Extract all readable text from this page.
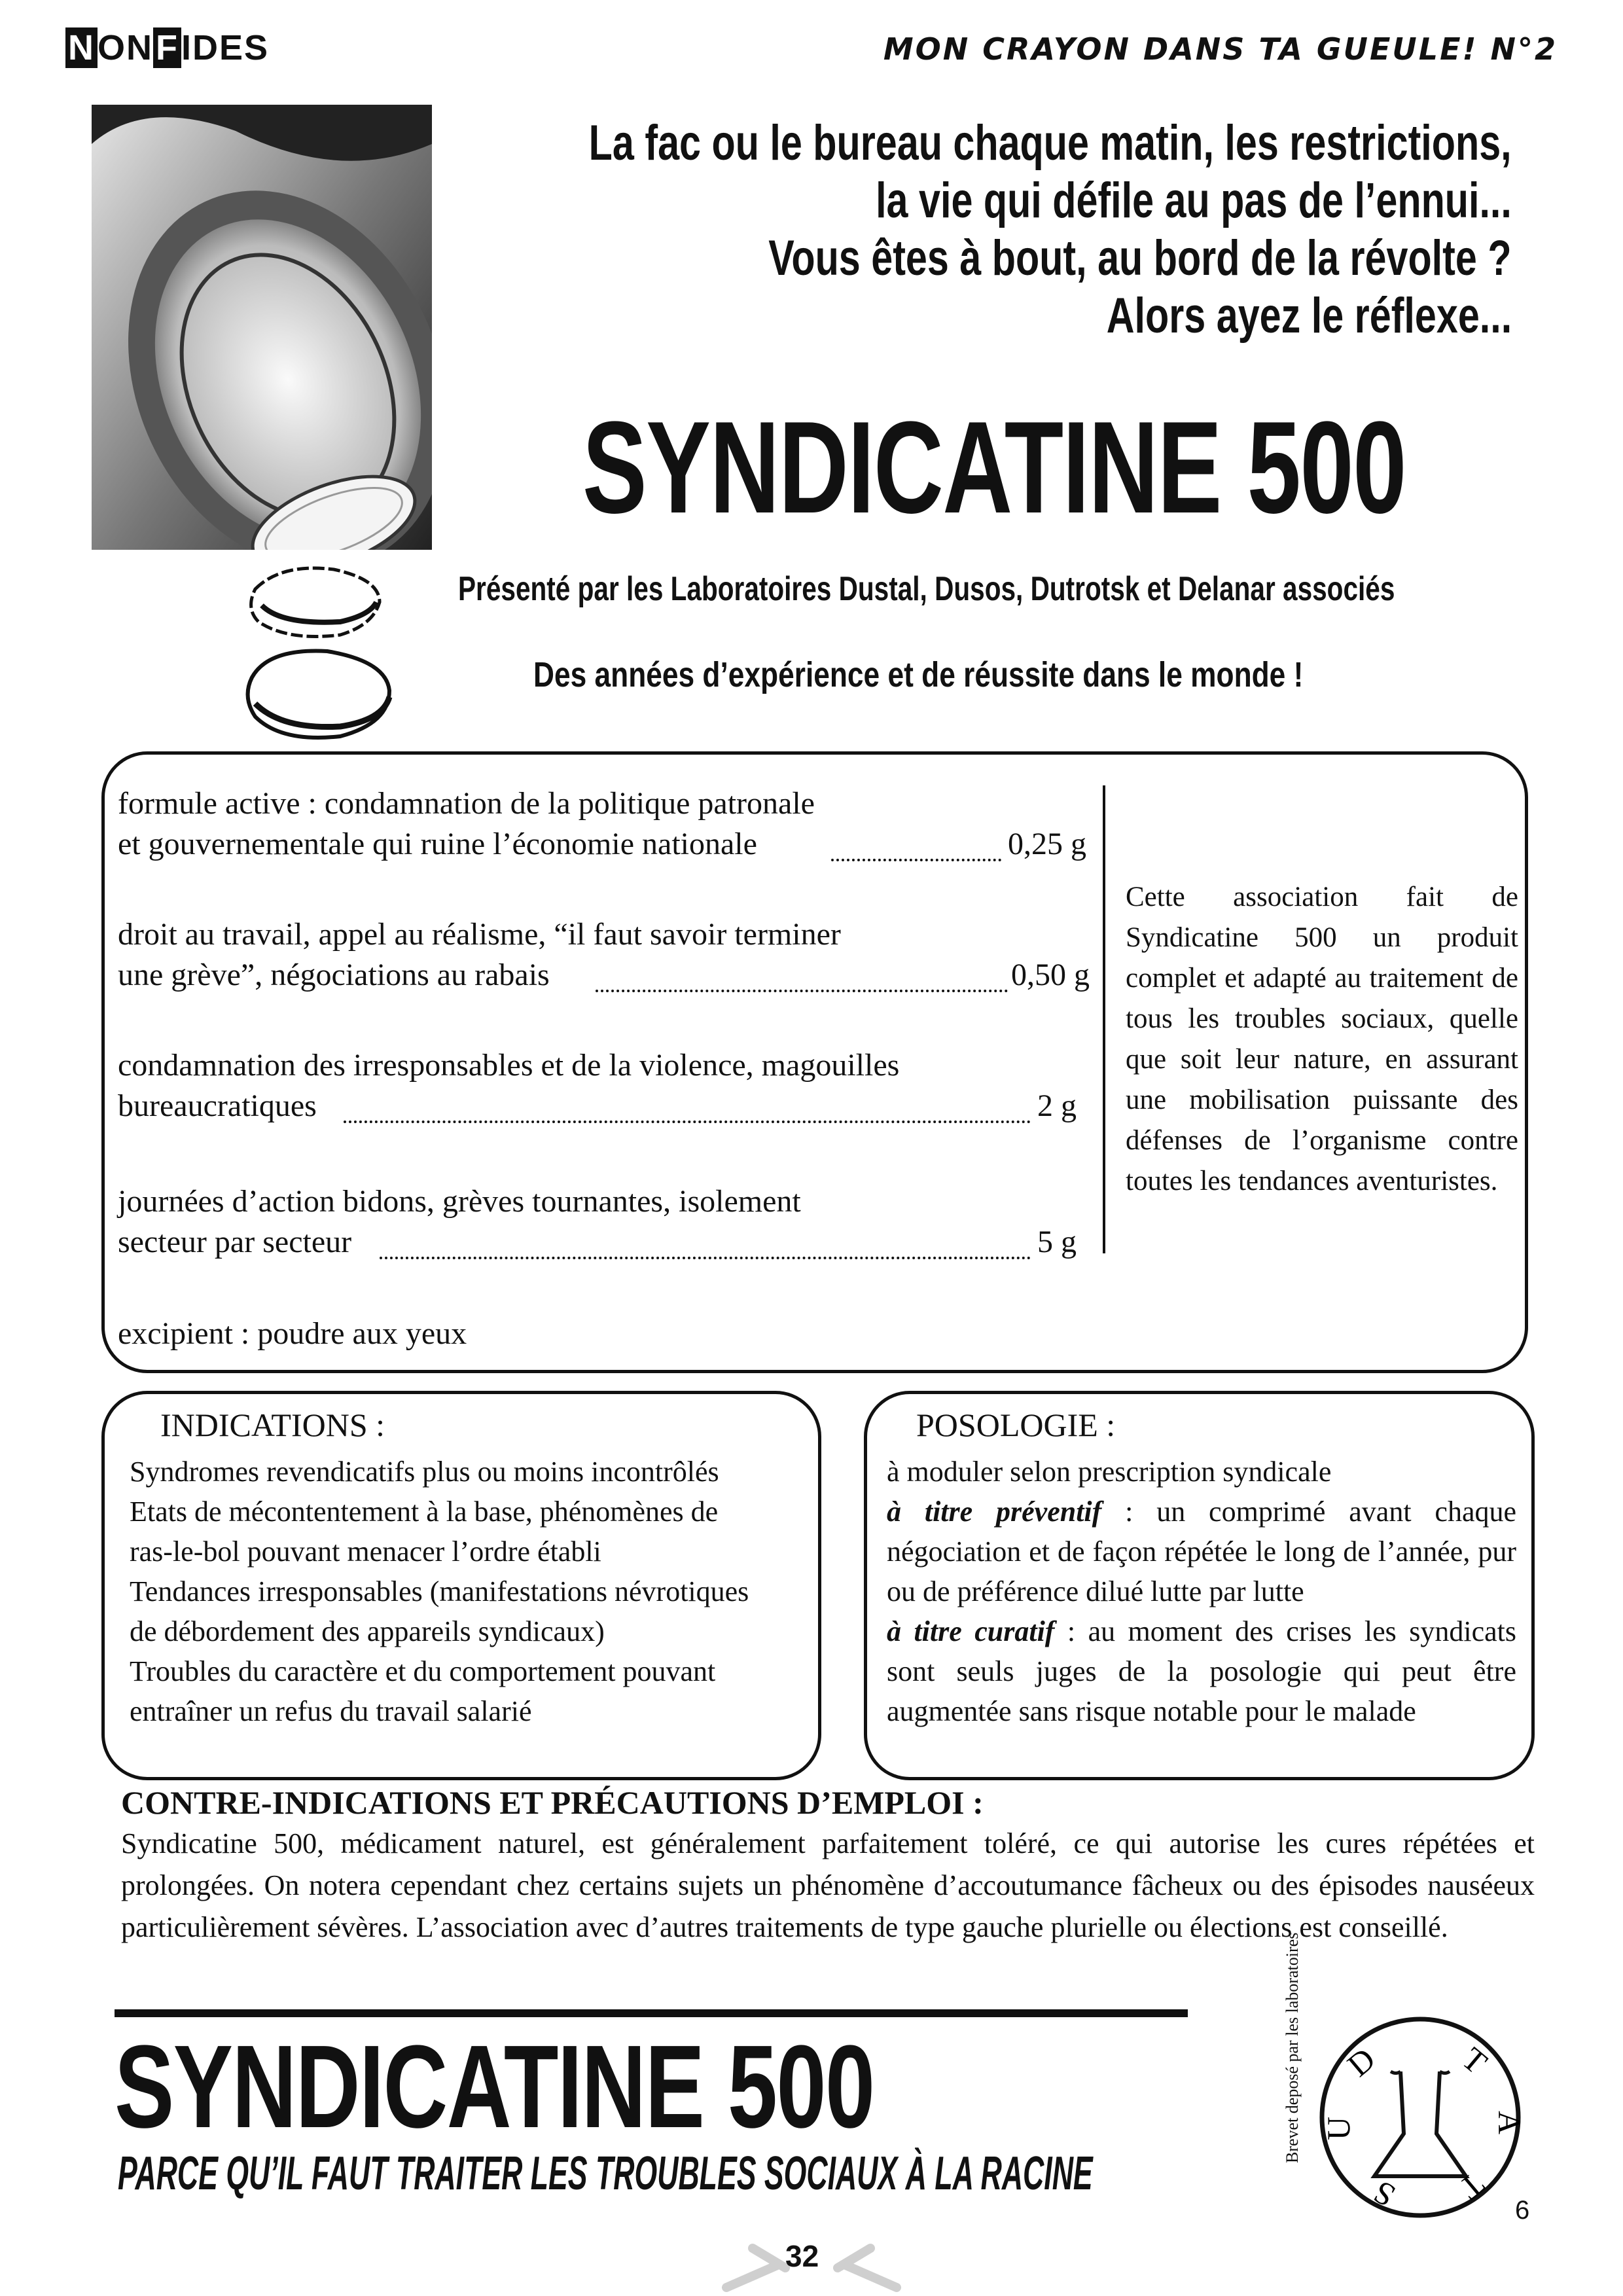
NONFIDES	MON CRAYON DANS TA GUEULE! N°2
La fac ou le bureau chaque matin, les restrictions,
la vie qui défile au pas de l’ennui...
Vous êtes à bout, au bord de la révolte ?
Alors ayez le réflexe...
SYNDICATINE 500
Présenté par les Laboratoires Dustal, Dusos, Dutrotsk et Delanar associés
Des années d’expérience et de réussite dans le monde !
formule active : condamnation de la politique patronale
et gouvernementale qui ruine l’économie nationale	0,25 g
droit au travail, appel au réalisme, “il faut savoir terminer
une grève”, négociations au rabais	0,50 g
condamnation des irresponsables et de la violence, magouilles
bureaucratiques	2 g
journées d’action bidons, grèves tournantes, isolement
secteur par secteur	5 g
excipient : poudre aux yeux
Cette association fait de Syndicatine 500 un produit complet et adapté au traitement de tous les troubles sociaux, quelle que soit leur nature, en assurant une mobilisation puissante des défenses de l’organisme contre toutes les tendances aventuristes.
INDICATIONS :
Syndromes revendicatifs plus ou moins incontrôlés
Etats de mécontentement à la base, phénomènes de
ras-le-bol pouvant menacer l’ordre établi
Tendances irresponsables (manifestations névrotiques
de débordement des appareils syndicaux)
Troubles du caractère et du comportement pouvant
entraîner un refus du travail salarié
POSOLOGIE :
à moduler selon prescription syndicale
à titre préventif : un comprimé avant chaque négociation et de façon répétée le long de l’année, pur ou de préférence dilué lutte par lutte
à titre curatif : au moment des crises les syndicats sont seuls juges de la posologie qui peut être augmentée sans risque notable pour le malade
CONTRE-INDICATIONS ET PRÉCAUTIONS D’EMPLOI :
Syndicatine 500, médicament naturel, est généralement parfaitement toléré, ce qui autorise les cures répétées et prolongées. On notera cependant chez certains sujets un phénomène d’accoutumance fâcheux ou des épisodes nauséeux particulièrement sévères. L’association avec d’autres traitements de type gauche plurielle ou élections est conseillé.
SYNDICATINE 500
PARCE QU’IL FAUT TRAITER LES TROUBLES SOCIAUX À LA RACINE
Brevet deposé par les laboratoires D
U
S
T
A
T
6
32
